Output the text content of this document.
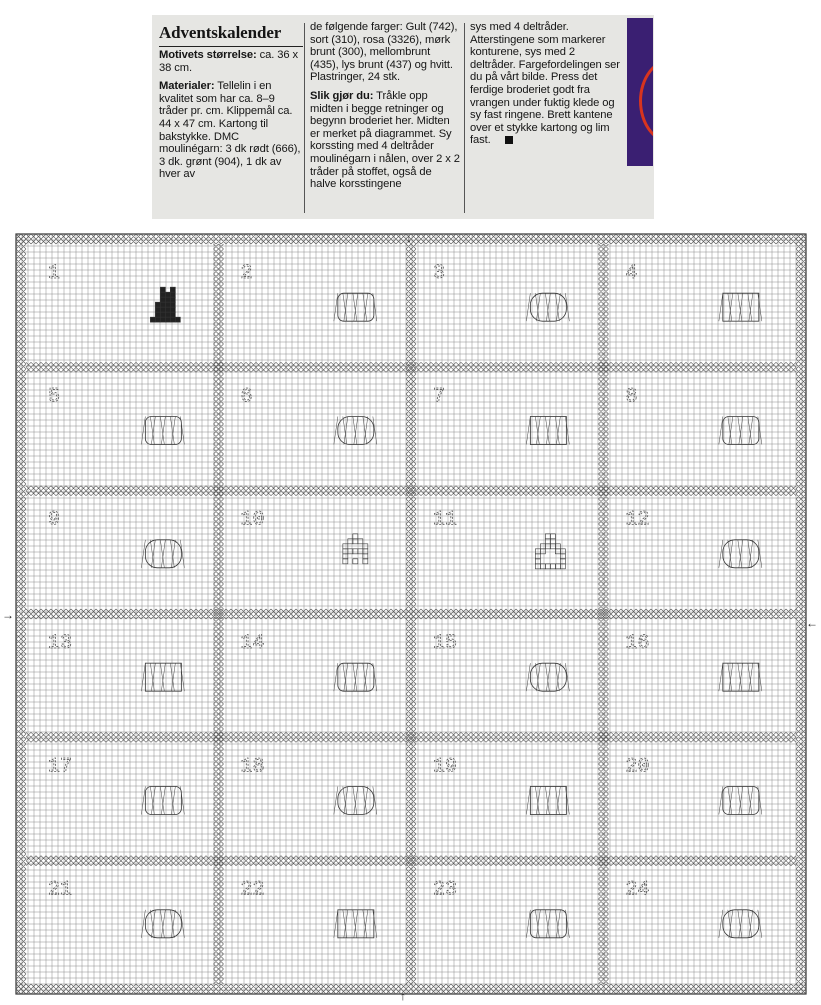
Adventskalender

Motivets størrelse: ca. 36 x 38 cm.

Materialer: Tellelin i en kvalitet som har ca. 8–9 tråder pr. cm. Klippemål ca. 44 x 47 cm. Kartong til bakstykke. DMC moulinégarn: 3 dk rødt (666), 3 dk. grønt (904), 1 dk av hver av

de følgende farger: Gult (742), sort (310), rosa (3326), mørk brunt (300), mellombrunt (435), lys brunt (437) og hvitt. Plastringer, 24 stk.

Slik gjør du: Tråkle opp midten i begge retninger og begynn broderiet her. Midten er merket på diagrammet. Sy korssting med 4 deltråder moulinégarn i nålen, over 2 x 2 tråder på stoffet, også de halve korsstingene

sys med 4 deltråder. Atterstingene som markerer konturene, sys med 2 deltråder. Fargefordelingen ser du på vårt bilde. Press det ferdige broderiet godt fra vrangen under fuktig klede og sy fast ringene. Brett kantene over et stykke kartong og lim fast.

1	2	3	4
5	6	7	8
9	10	11	12
13	14	15	16
17	18	19	20
21	22	23	24
↓
↑
→
←
